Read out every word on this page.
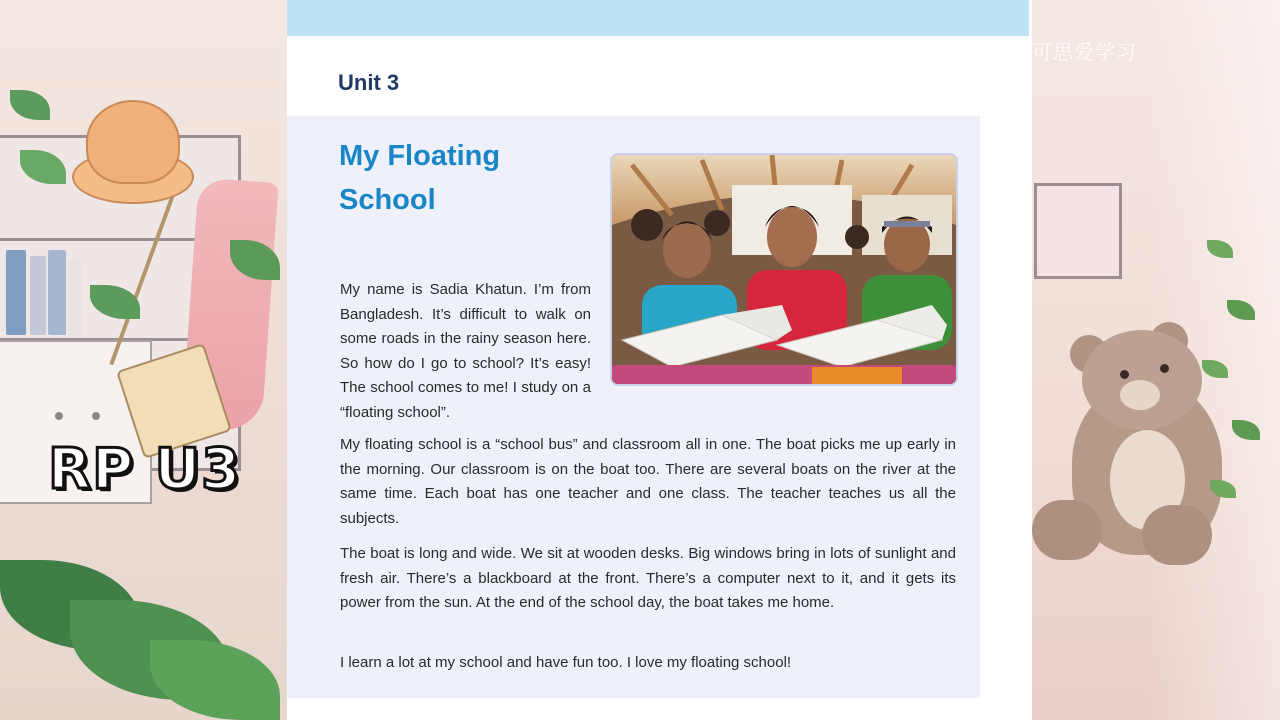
RP U3
Unit 3
My Floating
School

My name is Sadia Khatun. I’m from Bangladesh. It’s difficult to walk on some roads in the rainy season here. So how do I go to school? It’s easy! The school comes to me! I study on a “floating school”.

My floating school is a “school bus” and classroom all in one. The boat picks me up early in the morning. Our classroom is on the boat too. There are several boats on the river at the same time. Each boat has one teacher and one class. The teacher teaches us all the subjects.

The boat is long and wide. We sit at wooden desks. Big windows bring in lots of sunlight and fresh air. There’s a blackboard at the front. There’s a computer next to it, and it gets its power from the sun. At the end of the school day, the boat takes me home.

I learn a lot at my school and have fun too. I love my floating school!

可思爱学习
